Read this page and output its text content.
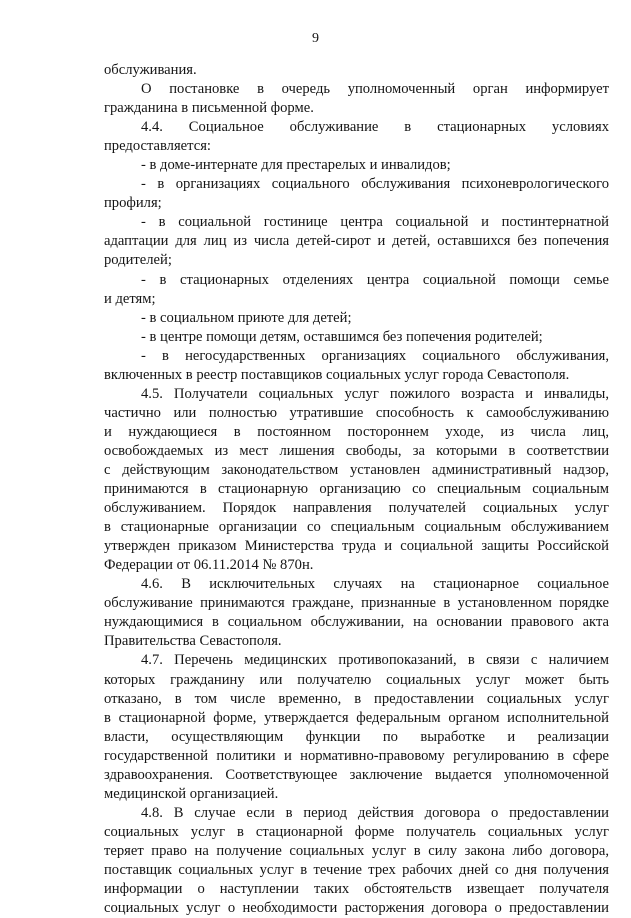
9
обслуживания.
О постановке в очередь уполномоченный орган информирует
гражданина в письменной форме.
4.4. Социальное обслуживание в стационарных условиях
предоставляется:
- в доме-интернате для престарелых и инвалидов;
- в организациях социального обслуживания психоневрологического
профиля;
- в социальной гостинице центра социальной и постинтернатной
адаптации для лиц из числа детей-сирот и детей, оставшихся без попечения
родителей;
- в стационарных отделениях центра социальной помощи семье
и детям;
- в социальном приюте для детей;
- в центре помощи детям, оставшимся без попечения родителей;
- в негосударственных организациях социального обслуживания,
включенных в реестр поставщиков социальных услуг города Севастополя.
4.5. Получатели социальных услуг пожилого возраста и инвалиды,
частично или полностью утратившие способность к самообслуживанию
и нуждающиеся в постоянном постороннем уходе, из числа лиц,
освобождаемых из мест лишения свободы, за которыми в соответствии
с действующим законодательством установлен административный надзор,
принимаются в стационарную организацию со специальным социальным
обслуживанием. Порядок направления получателей социальных услуг
в стационарные организации со специальным социальным обслуживанием
утвержден приказом Министерства труда и социальной защиты Российской
Федерации от 06.11.2014 № 870н.
4.6. В исключительных случаях на стационарное социальное
обслуживание принимаются граждане, признанные в установленном порядке
нуждающимися в социальном обслуживании, на основании правового акта
Правительства Севастополя.
4.7. Перечень медицинских противопоказаний, в связи с наличием
которых гражданину или получателю социальных услуг может быть
отказано, в том числе временно, в предоставлении социальных услуг
в стационарной форме, утверждается федеральным органом исполнительной
власти, осуществляющим функции по выработке и реализации
государственной политики и нормативно-правовому регулированию в сфере
здравоохранения. Соответствующее заключение выдается уполномоченной
медицинской организацией.
4.8. В случае если в период действия договора о предоставлении
социальных услуг в стационарной форме получатель социальных услуг
теряет право на получение социальных услуг в силу закона либо договора,
поставщик социальных услуг в течение трех рабочих дней со дня получения
информации о наступлении таких обстоятельств извещает получателя
социальных услуг о необходимости расторжения договора о предоставлении
